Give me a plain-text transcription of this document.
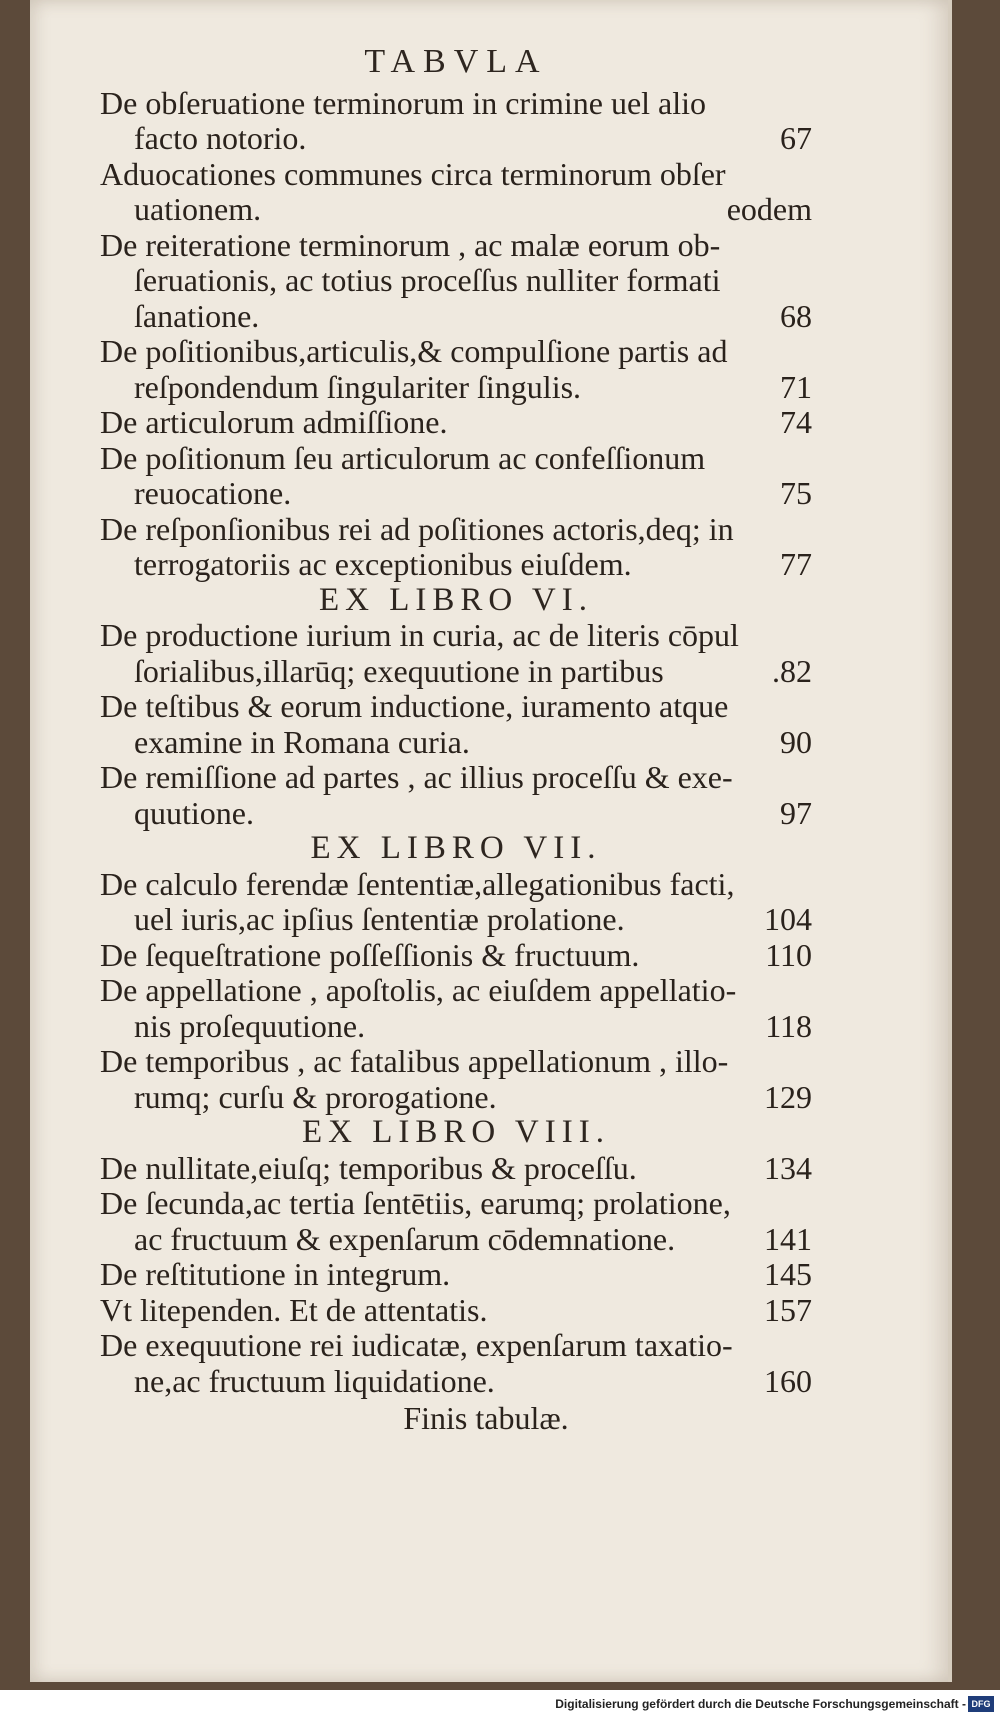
TABVLA
De obſeruatione terminorum in crimine uel alio
facto notorio.	67
Aduocationes communes circa terminorum obſer
uationem.	eodem
De reiteratione terminorum , ac malæ eorum ob-
ſeruationis, ac totius proceſſus nulliter formati
ſanatione.	68
De poſitionibus,articulis,& compulſione partis ad
reſpondendum ſingulariter ſingulis.	71
De articulorum admiſſione.	74
De poſitionum ſeu articulorum ac confeſſionum
reuocatione.	75
De reſponſionibus rei ad poſitiones actoris,deq; in
terrogatoriis ac exceptionibus eiuſdem.	77
EX LIBRO VI.
De productione iurium in curia, ac de literis cōpul
ſorialibus,illarūq; exequutione in partibus	.82
De teſtibus & eorum inductione, iuramento atque
examine in Romana curia.	90
De remiſſione ad partes , ac illius proceſſu & exe-
quutione.	97
EX LIBRO VII.
De calculo ferendæ ſententiæ,allegationibus facti,
uel iuris,ac ipſius ſententiæ prolatione.	104
De ſequeſtratione poſſeſſionis & fructuum.	110
De appellatione , apoſtolis, ac eiuſdem appellatio-
nis proſequutione.	118
De temporibus , ac fatalibus appellationum , illo-
rumq; curſu & prorogatione.	129
EX LIBRO VIII.
De nullitate,eiuſq; temporibus & proceſſu.	134
De ſecunda,ac tertia ſentētiis, earumq; prolatione,
ac fructuum & expenſarum cōdemnatione.	141
De reſtitutione in integrum.	145
Vt litependen. Et de attentatis.	157
De exequutione rei iudicatæ, expenſarum taxatio-
ne,ac fructuum liquidatione.	160
Finis tabulæ.
Digitalisierung gefördert durch die Deutsche Forschungsgemeinschaft - DFG
